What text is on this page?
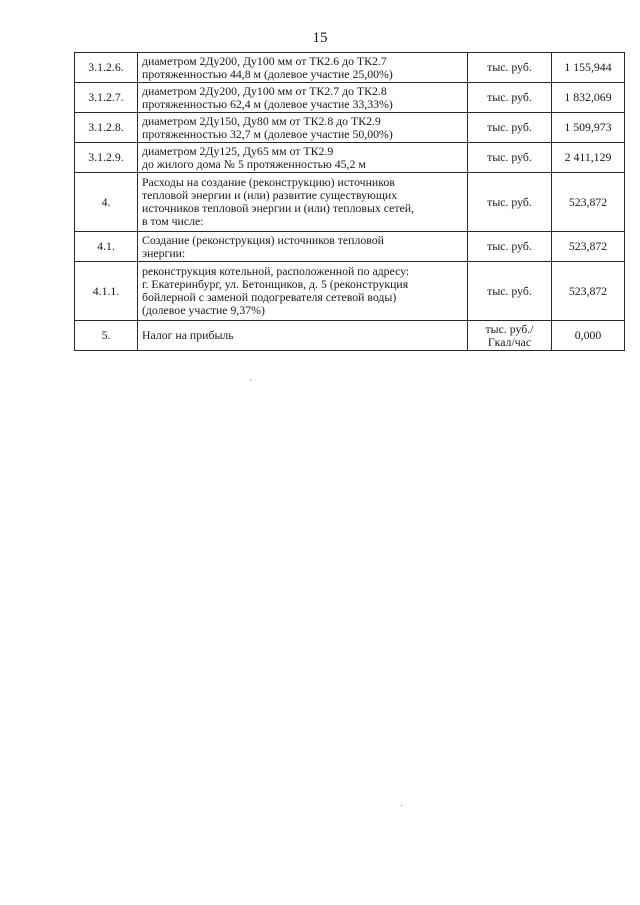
15
3.1.2.6.	диаметром 2Ду200, Ду100 мм от ТК2.6 до ТК2.7
протяженностью 44,8 м (долевое участие 25,00%)	тыс. руб.	1 155,944
3.1.2.7.	диаметром 2Ду200, Ду100 мм от ТК2.7 до ТК2.8
протяженностью 62,4 м (долевое участие 33,33%)	тыс. руб.	1 832,069
3.1.2.8.	диаметром 2Ду150, Ду80 мм от ТК2.8 до ТК2.9
протяженностью 32,7 м (долевое участие 50,00%)	тыс. руб.	1 509,973
3.1.2.9.	диаметром 2Ду125, Ду65 мм от ТК2.9
до жилого дома № 5 протяженностью 45,2 м	тыс. руб.	2 411,129
4.	Расходы на создание (реконструкцию) источников
тепловой энергии и (или) развитие существующих
источников тепловой энергии и (или) тепловых сетей,
в том числе:	тыс. руб.	523,872
4.1.	Создание (реконструкция) источников тепловой
энергии:	тыс. руб.	523,872
4.1.1.	реконструкция котельной, расположенной по адресу:
г. Екатеринбург, ул. Бетонщиков, д. 5 (реконструкция
бойлерной с заменой подогревателя сетевой воды)
(долевое участие 9,37%)	тыс. руб.	523,872
5.	Налог на прибыль	тыс. руб./
Гкал/час	0,000
